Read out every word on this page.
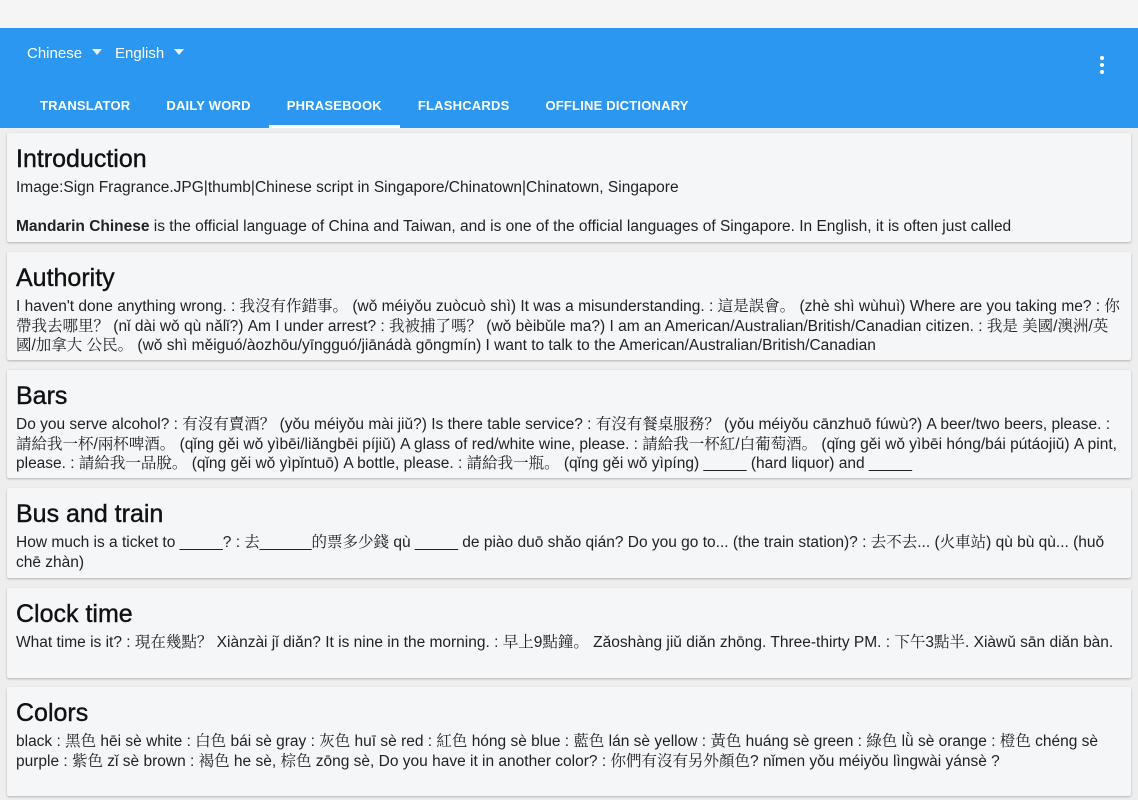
Chinese English
TRANSLATOR	DAILY WORD	PHRASEBOOK	FLASHCARDS	OFFLINE DICTIONARY
Introduction
Image:Sign Fragrance.JPG|thumb|Chinese script in Singapore/Chinatown|Chinatown, Singapore
Mandarin Chinese is the official language of China and Taiwan, and is one of the official languages of Singapore. In English, it is often just called
Authority
I haven't done anything wrong. : 我沒有作錯事。 (wǒ méiyǒu zuòcuò shì) It was a misunderstanding. : 這是誤會。 (zhè shì wùhuì) Where are you taking me? : 你帶我去哪里？ (nǐ dài wǒ qù nǎlǐ?) Am I under arrest? : 我被捕了嗎？ (wǒ bèibǔle ma?) I am an American/Australian/British/Canadian citizen. : 我是 美國/澳洲/英國/加拿大 公民。 (wǒ shì měiguó/àozhōu/yīngguó/jiānádà gōngmín) I want to talk to the American/Australian/British/Canadian
Bars
Do you serve alcohol? : 有沒有賣酒？ (yǒu méiyǒu mài jiǔ?) Is there table service? : 有沒有餐桌服務？ (yǒu méiyǒu cānzhuō fúwù?) A beer/two beers, please. : 請給我一杯/兩杯啤酒。 (qǐng gěi wǒ yìbēi/liǎngbēi píjiǔ) A glass of red/white wine, please. : 請給我一杯紅/白葡萄酒。 (qǐng gěi wǒ yìbēi hóng/bái pútáojiǔ) A pint, please. : 請給我一品脫。 (qǐng gěi wǒ yìpǐntuō) A bottle, please. : 請給我一瓶。 (qǐng gěi wǒ yìpíng) _____ (hard liquor) and _____
Bus and train
How much is a ticket to _____? : 去______的票多少錢 qù _____ de piào duō shǎo qián? Do you go to... (the train station)? : 去不去... (火車站) qù bù qù... (huǒ chē zhàn)
Clock time
What time is it? : 現在幾點？ Xiànzài jǐ diǎn? It is nine in the morning. : 早上9點鐘。 Zǎoshàng jiǔ diǎn zhōng. Three-thirty PM. : 下午3點半. Xiàwǔ sān diǎn bàn.
Colors
black : 黑色 hēi sè white : 白色 bái sè gray : 灰色 huī sè red : 紅色 hóng sè blue : 藍色 lán sè yellow : 黃色 huáng sè green : 綠色 lǜ sè orange : 橙色 chéng sè purple : 紫色 zǐ sè brown : 褐色 he sè, 棕色 zōng sè, Do you have it in another color? : 你們有沒有另外顏色? nǐmen yǒu méiyǒu lìngwài yánsè ?
